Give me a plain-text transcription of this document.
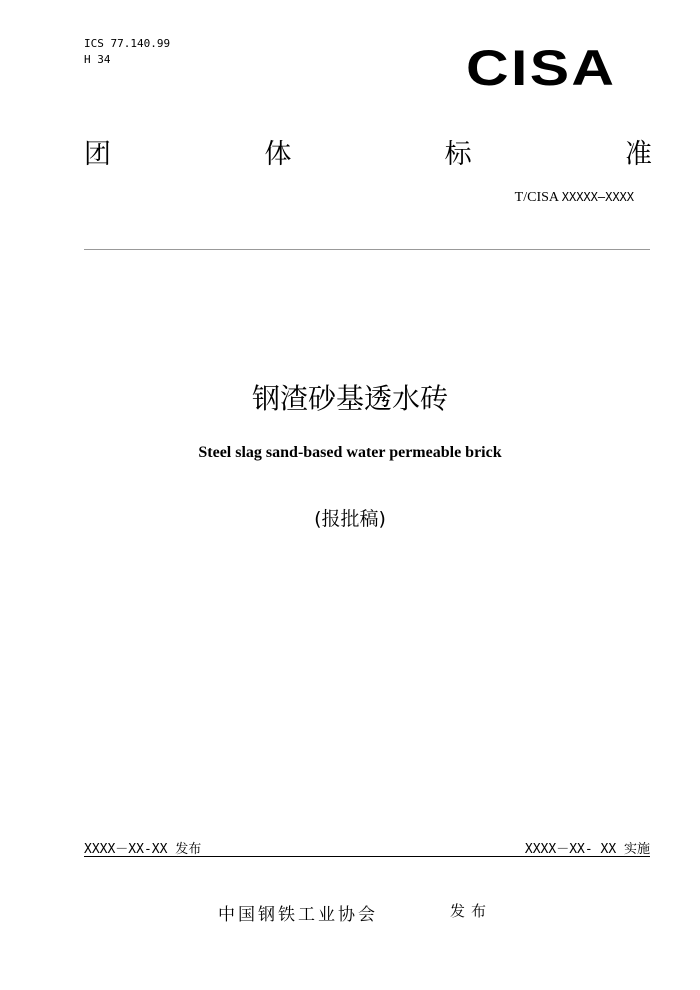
ICS 77.140.99
H 34	CISA
团	体	标	准
T/CISA XXXXX—XXXX
钢渣砂基透水砖
Steel slag sand-based water permeable brick
(报批稿)
XXXX－XX-XX 发布	XXXX－XX- XX 实施
中国钢铁工业协会	发布
